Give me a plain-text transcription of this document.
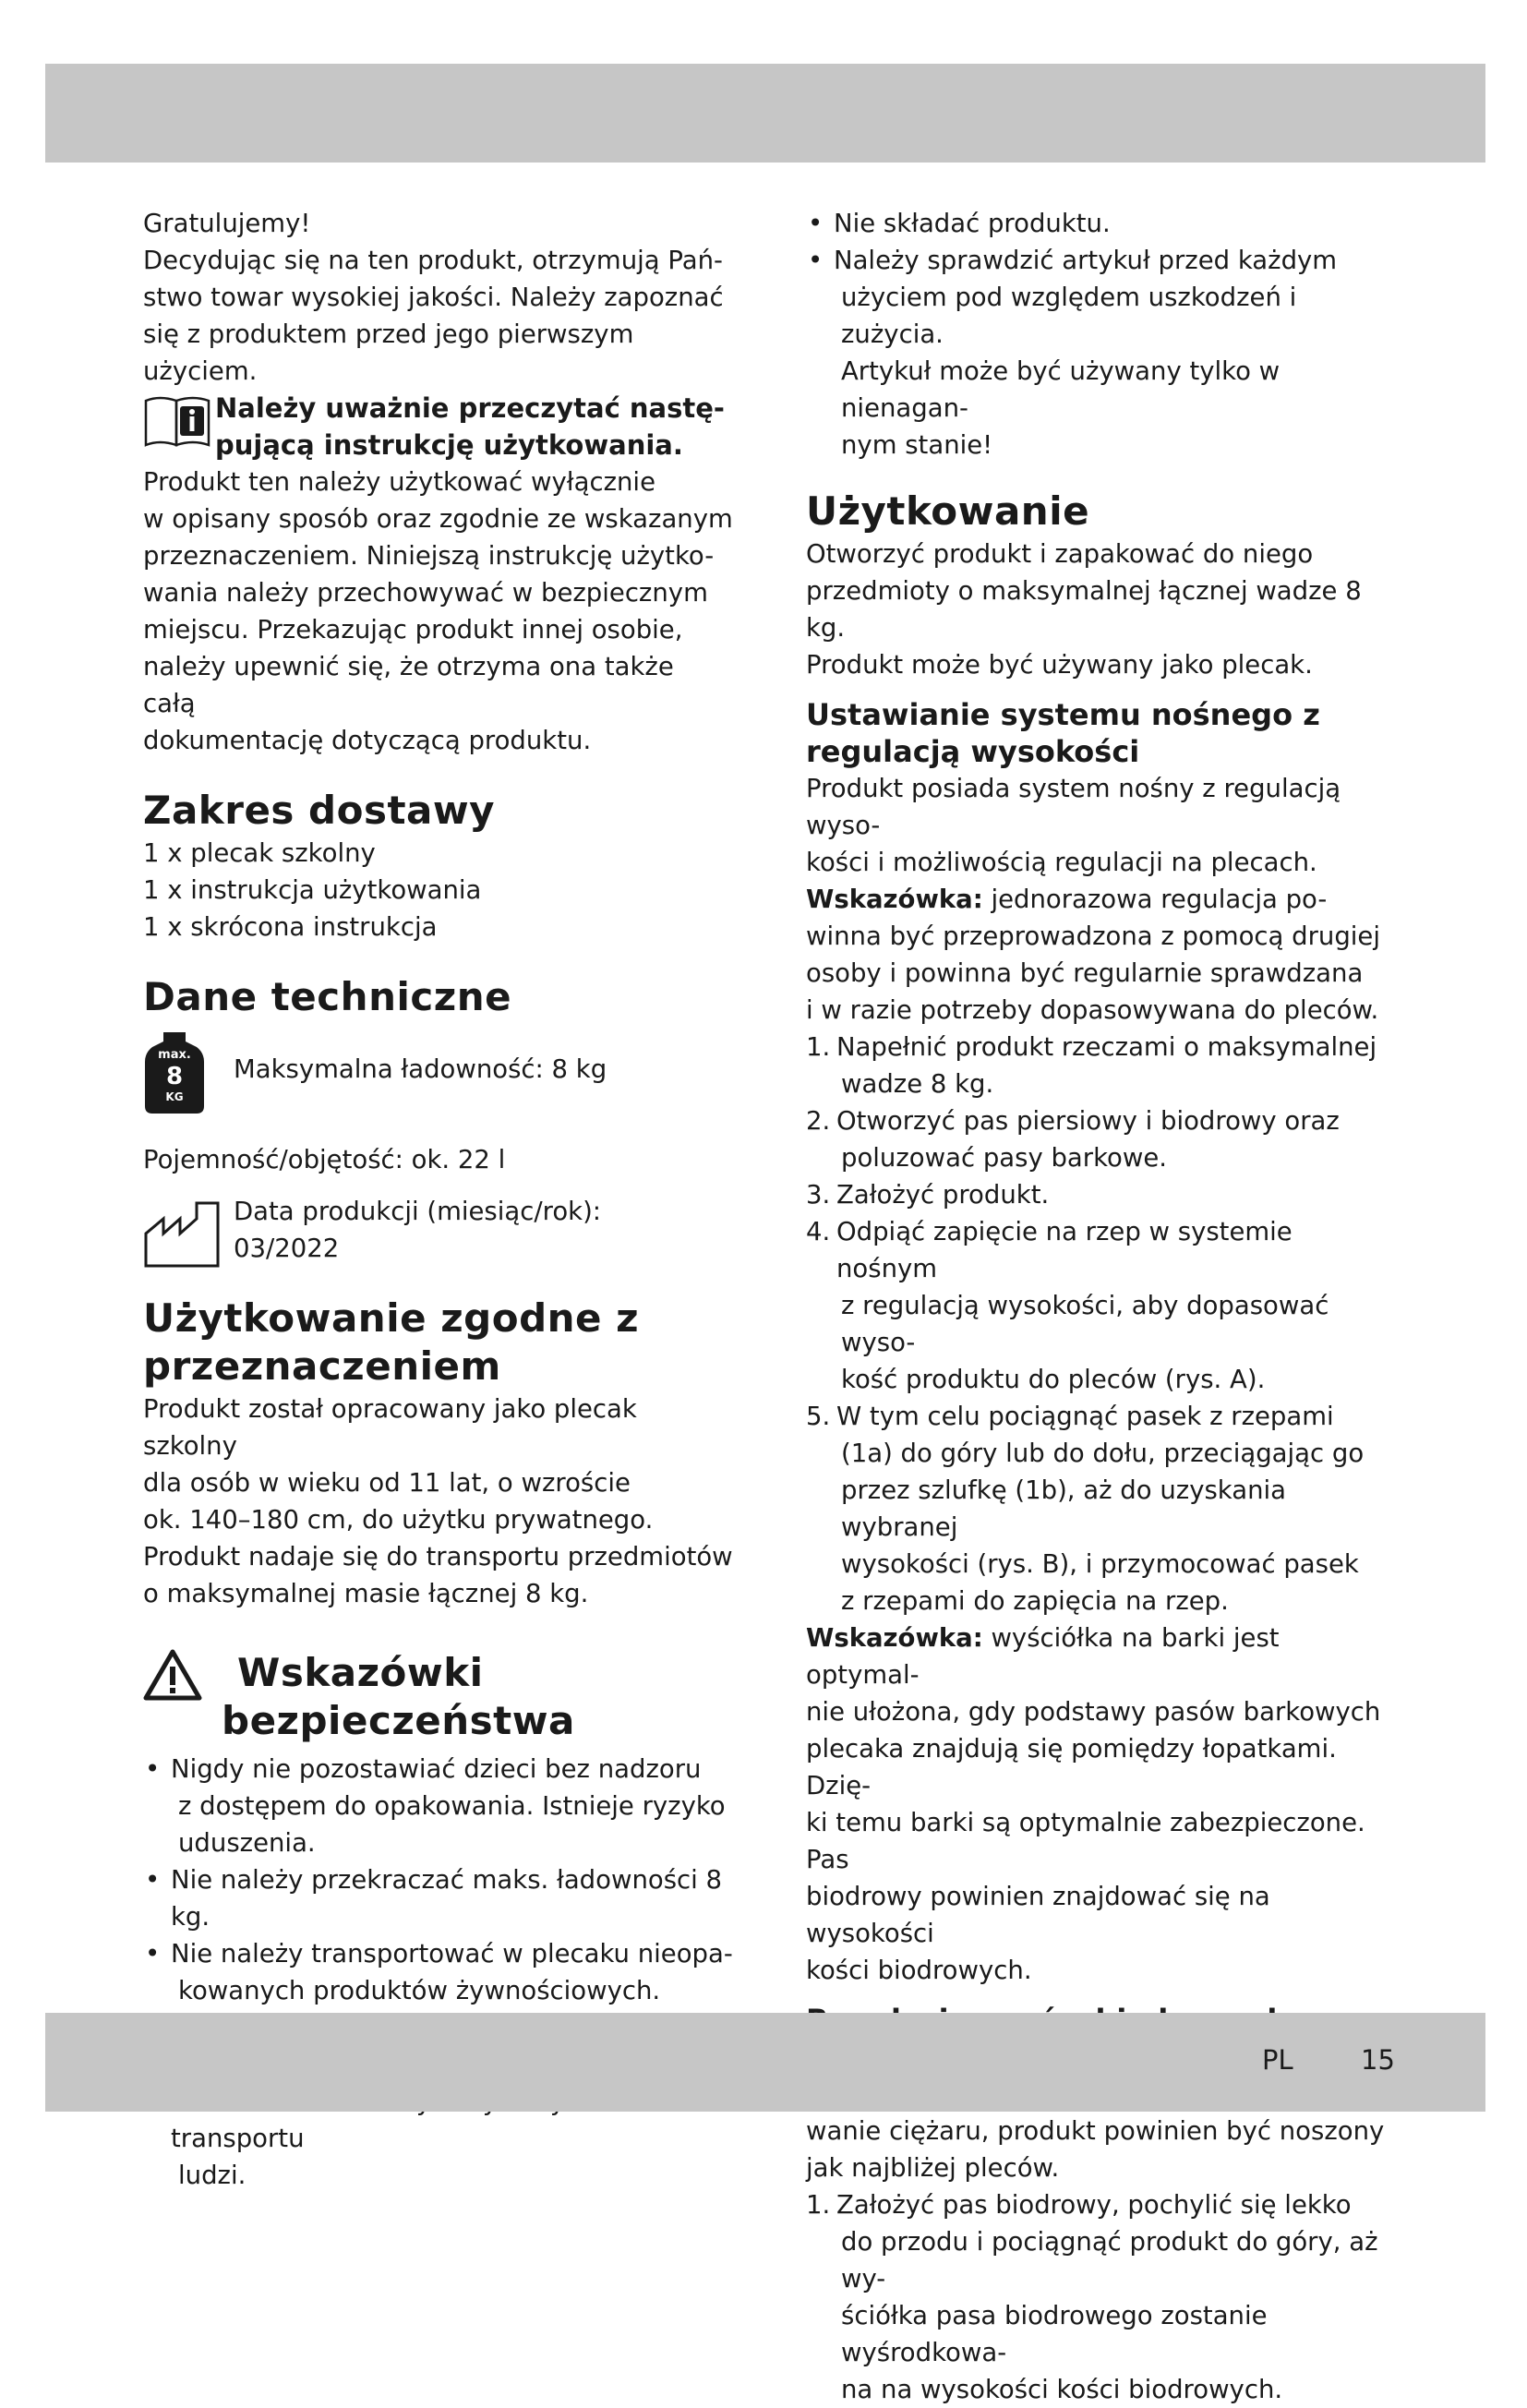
Gratulujemy!

Decydując się na ten produkt, otrzymują Pań-

stwo towar wysokiej jakości. Należy zapoznać

się z produktem przed jego pierwszym użyciem.

Należy uważnie przeczytać nastę-

pującą instrukcję użytkowania.

Produkt ten należy użytkować wyłącznie

w opisany sposób oraz zgodnie ze wskazanym

przeznaczeniem. Niniejszą instrukcję użytko-

wania należy przechowywać w bezpiecznym

miejscu. Przekazując produkt innej osobie,

należy upewnić się, że otrzyma ona także całą

dokumentację dotyczącą produktu.

Zakres dostawy

1 x plecak szkolny

1 x instrukcja użytkowania

1 x skrócona instrukcja

Dane techniczne

max.
8
KG

Maksymalna ładowność: 8 kg

Pojemność/objętość: ok. 22 l

Data produkcji (miesiąc/rok):

03/2022

Użytkowanie zgodne z

przeznaczeniem

Produkt został opracowany jako plecak szkolny

dla osób w wieku od 11 lat, o wzroście

ok. 140–180 cm, do użytku prywatnego.

Produkt nadaje się do transportu przedmiotów

o maksymalnej masie łącznej 8 kg.

Wskazówki

bezpieczeństwa

• Nigdy nie pozostawiać dzieci bez nadzoru

z dostępem do opakowania. Istnieje ryzyko

uduszenia.

• Nie należy przekraczać maks. ładowności 8 kg.

• Nie należy transportować w plecaku nieopa-

kowanych produktów żywnościowych.

•

• transportu

ludzi.

• Nie składać produktu.

• Należy sprawdzić artykuł przed każdym

użyciem pod względem uszkodzeń i zużycia.

Artykuł może być używany tylko w nienagan-

nym stanie!

Użytkowanie

Otworzyć produkt i zapakować do niego

przedmioty o maksymalnej łącznej wadze 8 kg.

Produkt może być używany jako plecak.

Ustawianie systemu nośnego z

regulacją wysokości

Produkt posiada system nośny z regulacją wyso-

kości i możliwością regulacji na plecach.

Wskazówka: jednorazowa regulacja po-

winna być przeprowadzona z pomocą drugiej

osoby i powinna być regularnie sprawdzana

i w razie potrzeby dopasowywana do pleców.

1. Napełnić produkt rzeczami o maksymalnej

wadze 8 kg.

2. Otworzyć pas piersiowy i biodrowy oraz

poluzować pasy barkowe.

3. Założyć produkt.

4. Odpiąć zapięcie na rzep w systemie nośnym

z regulacją wysokości, aby dopasować wyso-

kość produktu do pleców (rys. A).

5. W tym celu pociągnąć pasek z rzepami

(1a) do góry lub do dołu, przeciągając go

przez szlufkę (1b), aż do uzyskania wybranej

wysokości (rys. B), i przymocować pasek

z rzepami do zapięcia na rzep.

Wskazówka: wyściółka na barki jest optymal-

nie ułożona, gdy podstawy pasów barkowych

plecaka znajdują się pomiędzy łopatkami. Dzię-

ki temu barki są optymalnie zabezpieczone. Pas

biodrowy powinien znajdować się na wysokości

kości biodrowych.

wanie ciężaru, produkt powinien być noszony

jak najbliżej pleców.

1. Założyć pas biodrowy, pochylić się lekko

do przodu i pociągnąć produkt do góry, aż wy-

ściółka pasa biodrowego zostanie wyśrodkowa-

na na wysokości kości biodrowych.

PL	15
